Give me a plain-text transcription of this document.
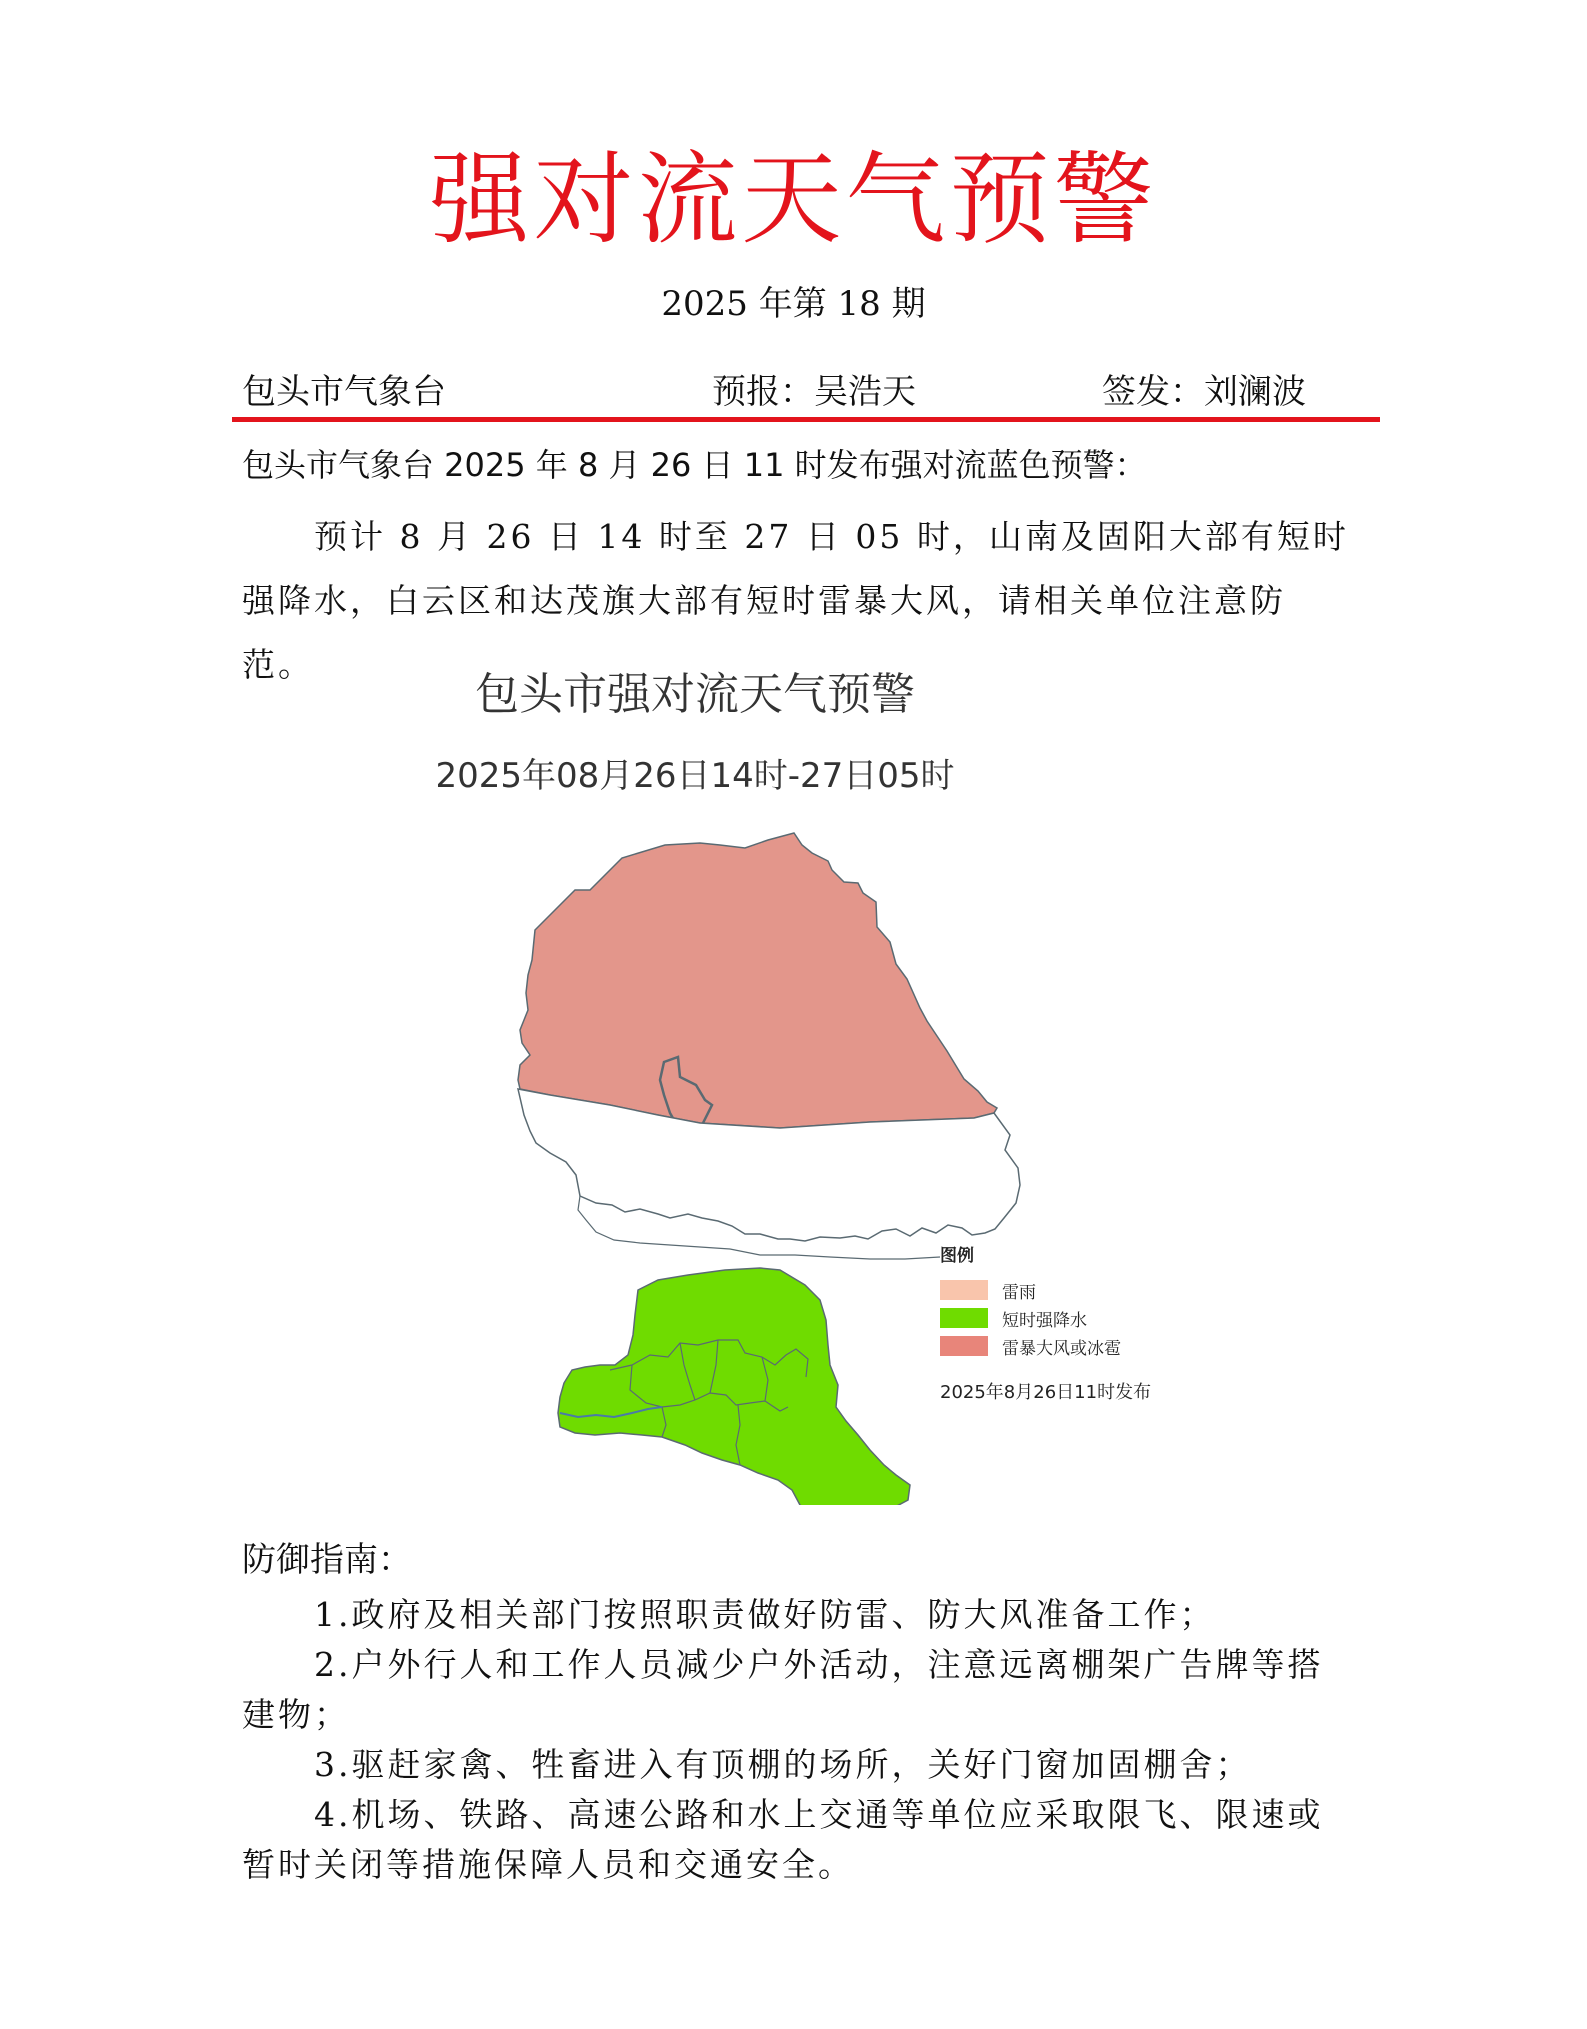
强对流天气预警
2025 年第 18 期
包头市气象台	预报：吴浩天	签发：刘澜波
包头市气象台 2025 年 8 月 26 日 11 时发布强对流蓝色预警：

预计 8 月 26 日 14 时至 27 日 05 时，山南及固阳大部有短时强降水，白云区和达茂旗大部有短时雷暴大风，请相关单位注意防范。

包头市强对流天气预警
2025年08月26日14时-27日05时
图例
雷雨
短时强降水
雷暴大风或冰雹
2025年8月26日11时发布
防御指南：

1.政府及相关部门按照职责做好防雷、防大风准备工作；

2.户外行人和工作人员减少户外活动，注意远离棚架广告牌等搭建物；

3.驱赶家禽、牲畜进入有顶棚的场所，关好门窗加固棚舍；

4.机场、铁路、高速公路和水上交通等单位应采取限飞、限速或暂时关闭等措施保障人员和交通安全。
